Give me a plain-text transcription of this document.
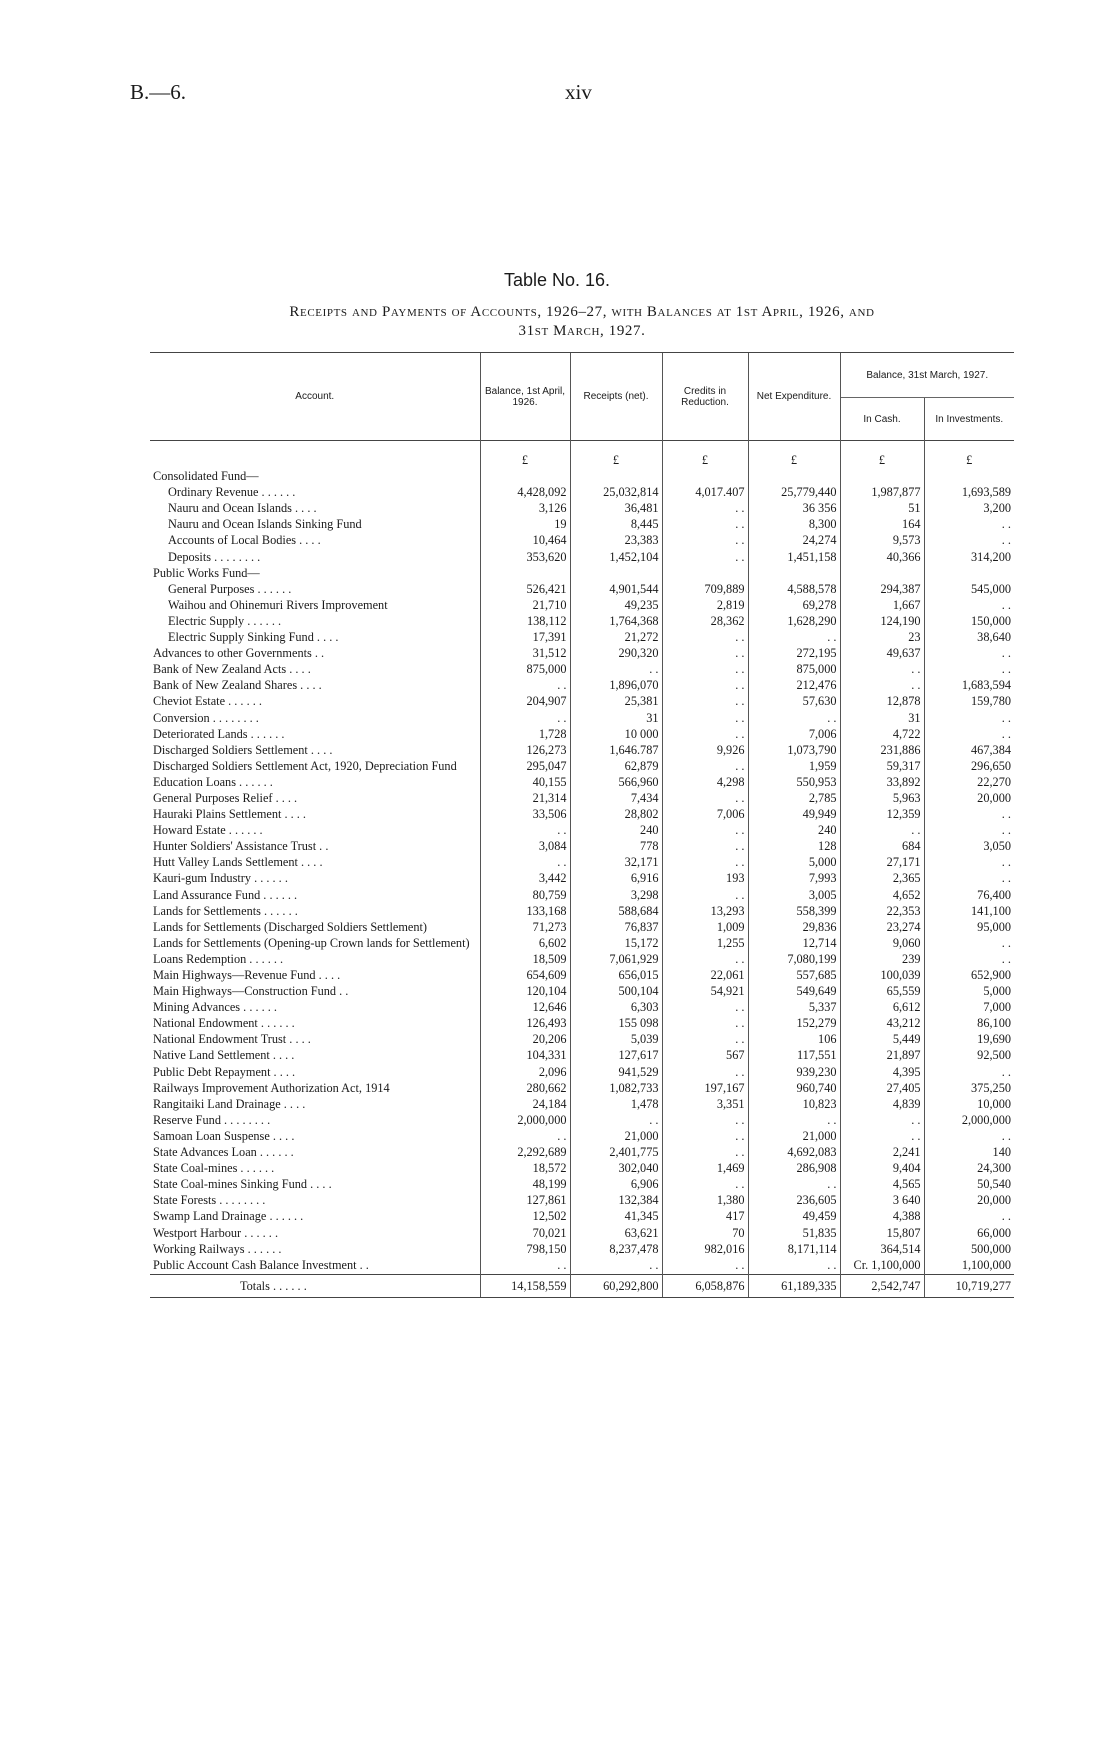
B.—6.	xiv
Table No. 16.
Receipts and Payments of Accounts, 1926–27, with Balances at 1st April, 1926, and
31st March, 1927.
Account.	Balance, 1st April, 1926.	Receipts (net).	Credits in Reduction.	Net Expenditure.	Balance, 31st March, 1927.	
					In Cash.	In Investments.

	£	£	£	£	£	£
Consolidated Fund—						
Ordinary Revenue . . . . . .	4,428,092	25,032,814	4,017.407	25,779,440	1,987,877	1,693,589
Nauru and Ocean Islands . . . .	3,126	36,481	. .	36 356	51	3,200
Nauru and Ocean Islands Sinking Fund	19	8,445	. .	8,300	164	. .
Accounts of Local Bodies . . . .	10,464	23,383	. .	24,274	9,573	. .
Deposits . . . . . . . .	353,620	1,452,104	. .	1,451,158	40,366	314,200
Public Works Fund—						
General Purposes . . . . . .	526,421	4,901,544	709,889	4,588,578	294,387	545,000
Waihou and Ohinemuri Rivers Improvement	21,710	49,235	2,819	69,278	1,667	. .
Electric Supply . . . . . .	138,112	1,764,368	28,362	1,628,290	124,190	150,000
Electric Supply Sinking Fund . . . .	17,391	21,272	. .	. .	23	38,640
Advances to other Governments . .	31,512	290,320	. .	272,195	49,637	. .
Bank of New Zealand Acts . . . .	875,000	. .	. .	875,000	. .	. .
Bank of New Zealand Shares . . . .	. .	1,896,070	. .	212,476	. .	1,683,594
Cheviot Estate . . . . . .	204,907	25,381	. .	57,630	12,878	159,780
Conversion . . . . . . . .	. .	31	. .	. .	31	. .
Deteriorated Lands . . . . . .	1,728	10 000	. .	7,006	4,722	. .
Discharged Soldiers Settlement . . . .	126,273	1,646.787	9,926	1,073,790	231,886	467,384
Discharged Soldiers Settlement Act, 1920, Depreciation Fund	295,047	62,879	. .	1,959	59,317	296,650
Education Loans . . . . . .	40,155	566,960	4,298	550,953	33,892	22,270
General Purposes Relief . . . .	21,314	7,434	. .	2,785	5,963	20,000
Hauraki Plains Settlement . . . .	33,506	28,802	7,006	49,949	12,359	. .
Howard Estate . . . . . .	. .	240	. .	240	. .	. .
Hunter Soldiers' Assistance Trust . .	3,084	778	. .	128	684	3,050
Hutt Valley Lands Settlement . . . .	. .	32,171	. .	5,000	27,171	. .
Kauri-gum Industry . . . . . .	3,442	6,916	193	7,993	2,365	. .
Land Assurance Fund . . . . . .	80,759	3,298	. .	3,005	4,652	76,400
Lands for Settlements . . . . . .	133,168	588,684	13,293	558,399	22,353	141,100
Lands for Settlements (Discharged Soldiers Settlement)	71,273	76,837	1,009	29,836	23,274	95,000
Lands for Settlements (Opening-up Crown lands for Settlement)	6,602	15,172	1,255	12,714	9,060	. .
Loans Redemption . . . . . .	18,509	7,061,929	. .	7,080,199	239	. .
Main Highways—Revenue Fund . . . .	654,609	656,015	22,061	557,685	100,039	652,900
Main Highways—Construction Fund . .	120,104	500,104	54,921	549,649	65,559	5,000
Mining Advances . . . . . .	12,646	6,303	. .	5,337	6,612	7,000
National Endowment . . . . . .	126,493	155 098	. .	152,279	43,212	86,100
National Endowment Trust . . . .	20,206	5,039	. .	106	5,449	19,690
Native Land Settlement . . . .	104,331	127,617	567	117,551	21,897	92,500
Public Debt Repayment . . . .	2,096	941,529	. .	939,230	4,395	. .
Railways Improvement Authorization Act, 1914	280,662	1,082,733	197,167	960,740	27,405	375,250
Rangitaiki Land Drainage . . . .	24,184	1,478	3,351	10,823	4,839	10,000
Reserve Fund . . . . . . . .	2,000,000	. .	. .	. .	. .	2,000,000
Samoan Loan Suspense . . . .	. .	21,000	. .	21,000	. .	. .
State Advances Loan . . . . . .	2,292,689	2,401,775	. .	4,692,083	2,241	140
State Coal-mines . . . . . .	18,572	302,040	1,469	286,908	9,404	24,300
State Coal-mines Sinking Fund . . . .	48,199	6,906	. .	. .	4,565	50,540
State Forests . . . . . . . .	127,861	132,384	1,380	236,605	3 640	20,000
Swamp Land Drainage . . . . . .	12,502	41,345	417	49,459	4,388	. .
Westport Harbour . . . . . .	70,021	63,621	70	51,835	15,807	66,000
Working Railways . . . . . .	798,150	8,237,478	982,016	8,171,114	364,514	500,000
Public Account Cash Balance Investment . .	. .	. .	. .	. .	Cr. 1,100,000	1,100,000
Totals . . . . . .	14,158,559	60,292,800	6,058,876	61,189,335	2,542,747	10,719,277
